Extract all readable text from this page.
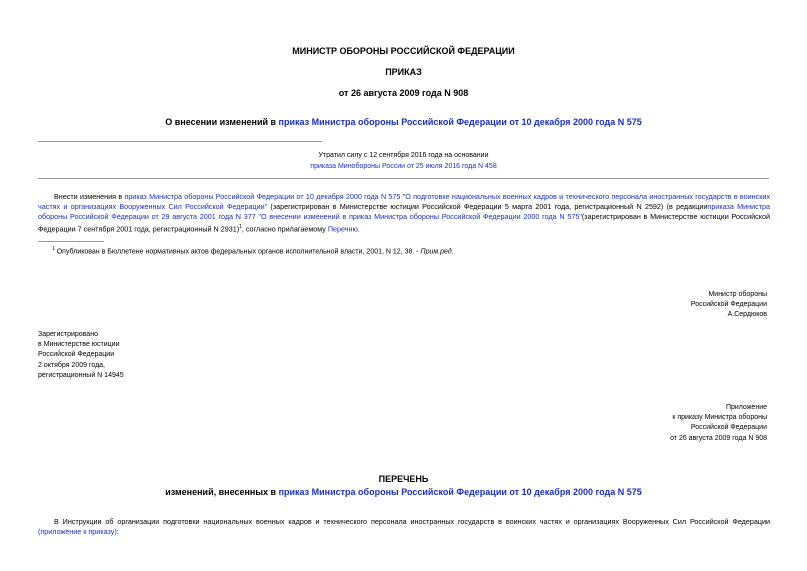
МИНИСТР ОБОРОНЫ РОССИЙСКОЙ ФЕДЕРАЦИИ
ПРИКАЗ
от 26 августа 2009 года N 908
О внесении изменений в приказ Министра обороны Российской Федерации от 10 декабря 2000 года N 575
Утратил силу с 12 сентября 2016 года на основании
приказа Минобороны России от 25 июля 2016 года N 458
Внести изменения в приказ Министра обороны Российской Федерации от 10 декабря 2000 года N 575 "О подготовке национальных военных кадров и технического персонала иностранных государств в воинских частях и организациях Вооруженных Сил Российской Федерации" (зарегистрирован в Министерстве юстиции Российской Федерации 5 марта 2001 года, регистрационный N 2592) (в редакцииприказа Министра обороны Российской Федерации от 29 августа 2001 года N 377 "О внесении изменений в приказ Министра обороны Российской Федерации 2000 года N 575"(зарегистрирован в Министерстве юстиции Российской Федерации 7 сентября 2001 года, регистрационный N 2931)$^1$, согласно прилагаемому Перечню.
$^1$ Опубликован в Бюллетене нормативных актов федеральных органов исполнительной власти, 2001, N 12, 38. - Прим.ред.
Министр обороны
Российской Федерации
А.Сердюков
Зарегистрировано
в Министерстве юстиции
Российской Федерации
2 октября 2009 года,
регистрационный N 14945
Приложение
к приказу Министра обороны
Российской Федерации
от 26 августа 2009 года N 908
ПЕРЕЧЕНЬ
изменений, внесенных в приказ Министра обороны Российской Федерации от 10 декабря 2000 года N 575
В Инструкции об организации подготовки национальных военных кадров и технического персонала иностранных государств в воинских частях и организациях Вооруженных Сил Российской Федерации (приложение к приказу):
